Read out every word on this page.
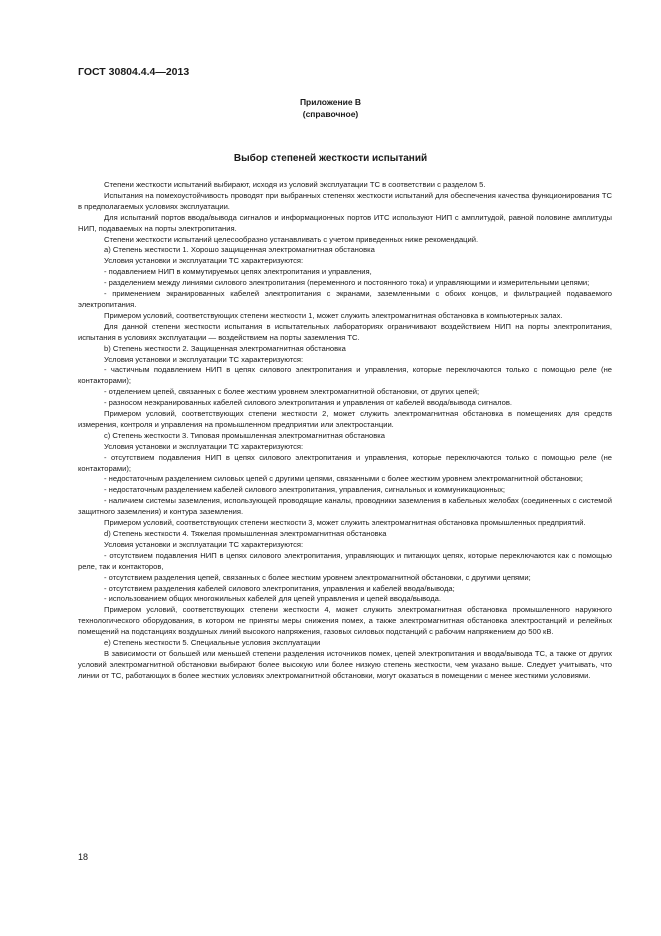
ГОСТ 30804.4.4—2013
Приложение В
(справочное)
Выбор степеней жесткости испытаний

Степени жесткости испытаний выбирают, исходя из условий эксплуатации ТС в соответствии с разделом 5.

Испытания на помехоустойчивость проводят при выбранных степенях жесткости испытаний для обеспечения качества функционирования ТС в предполагаемых условиях эксплуатации.

Для испытаний портов ввода/вывода сигналов и информационных портов ИТС используют НИП с амплитудой, равной половине амплитуды НИП, подаваемых на порты электропитания.

Степени жесткости испытаний целесообразно устанавливать с учетом приведенных ниже рекомендаций.

а) Степень жесткости 1. Хорошо защищенная электромагнитная обстановка

Условия установки и эксплуатации ТС характеризуются:

- подавлением НИП в коммутируемых цепях электропитания и управления,

- разделением между линиями силового электропитания (переменного и постоянного тока) и управляющими и измерительными цепями;

- применением экранированных кабелей электропитания с экранами, заземленными с обоих концов, и фильтрацией подаваемого электропитания.

Примером условий, соответствующих степени жесткости 1, может служить электромагнитная обстановка в компьютерных залах.

Для данной степени жесткости испытания в испытательных лабораториях ограничивают воздействием НИП на порты электропитания, испытания в условиях эксплуатации — воздействием на порты заземления ТС.

b) Степень жесткости 2. Защищенная электромагнитная обстановка

Условия установки и эксплуатации ТС характеризуются:

- частичным подавлением НИП в цепях силового электропитания и управления, которые переключаются только с помощью реле (не контакторами);

- отделением цепей, связанных с более жестким уровнем электромагнитной обстановки, от других цепей;

- разносом неэкранированных кабелей силового электропитания и управления от кабелей ввода/вывода сигналов.

Примером условий, соответствующих степени жесткости 2, может служить электромагнитная обстановка в помещениях для средств измерения, контроля и управления на промышленном предприятии или электростанции.

c) Степень жесткости 3. Типовая промышленная электромагнитная обстановка

Условия установки и эксплуатации ТС характеризуются:

- отсутствием подавления НИП в цепях силового электропитания и управления, которые переключаются только с помощью реле (не контакторами);

- недостаточным разделением силовых цепей с другими цепями, связанными с более жестким уровнем электромагнитной обстановки;

- недостаточным разделением кабелей силового электропитания, управления, сигнальных и коммуникационных;

- наличием системы заземления, использующей проводящие каналы, проводники заземления в кабельных желобах (соединенных с системой защитного заземления) и контура заземления.

Примером условий, соответствующих степени жесткости 3, может служить электромагнитная обстановка промышленных предприятий.

d) Степень жесткости 4. Тяжелая промышленная электромагнитная обстановка

Условия установки и эксплуатации ТС характеризуются:

- отсутствием подавления НИП в цепях силового электропитания, управляющих и питающих цепях, которые переключаются как с помощью реле, так и контакторов,

- отсутствием разделения цепей, связанных с более жестким уровнем электромагнитной обстановки, с другими цепями;

- отсутствием разделения кабелей силового электропитания, управления и кабелей ввода/вывода;

- использованием общих многожильных кабелей для цепей управления и цепей ввода/вывода.

Примером условий, соответствующих степени жесткости 4, может служить электромагнитная обстановка промышленного наружного технологического оборудования, в котором не приняты меры снижения помех, а также электромагнитная обстановка электростанций и релейных помещений на подстанциях воздушных линий высокого напряжения, газовых силовых подстанций с рабочим напряжением до 500 кВ.

е) Степень жесткости 5. Специальные условия эксплуатации

В зависимости от большей или меньшей степени разделения источников помех, цепей электропитания и ввода/вывода ТС, а также от других условий электромагнитной обстановки выбирают более высокую или более низкую степень жесткости, чем указано выше. Следует учитывать, что линии от ТС, работающих в более жестких условиях электромагнитной обстановки, могут оказаться в помещении с менее жесткими условиями.

18
